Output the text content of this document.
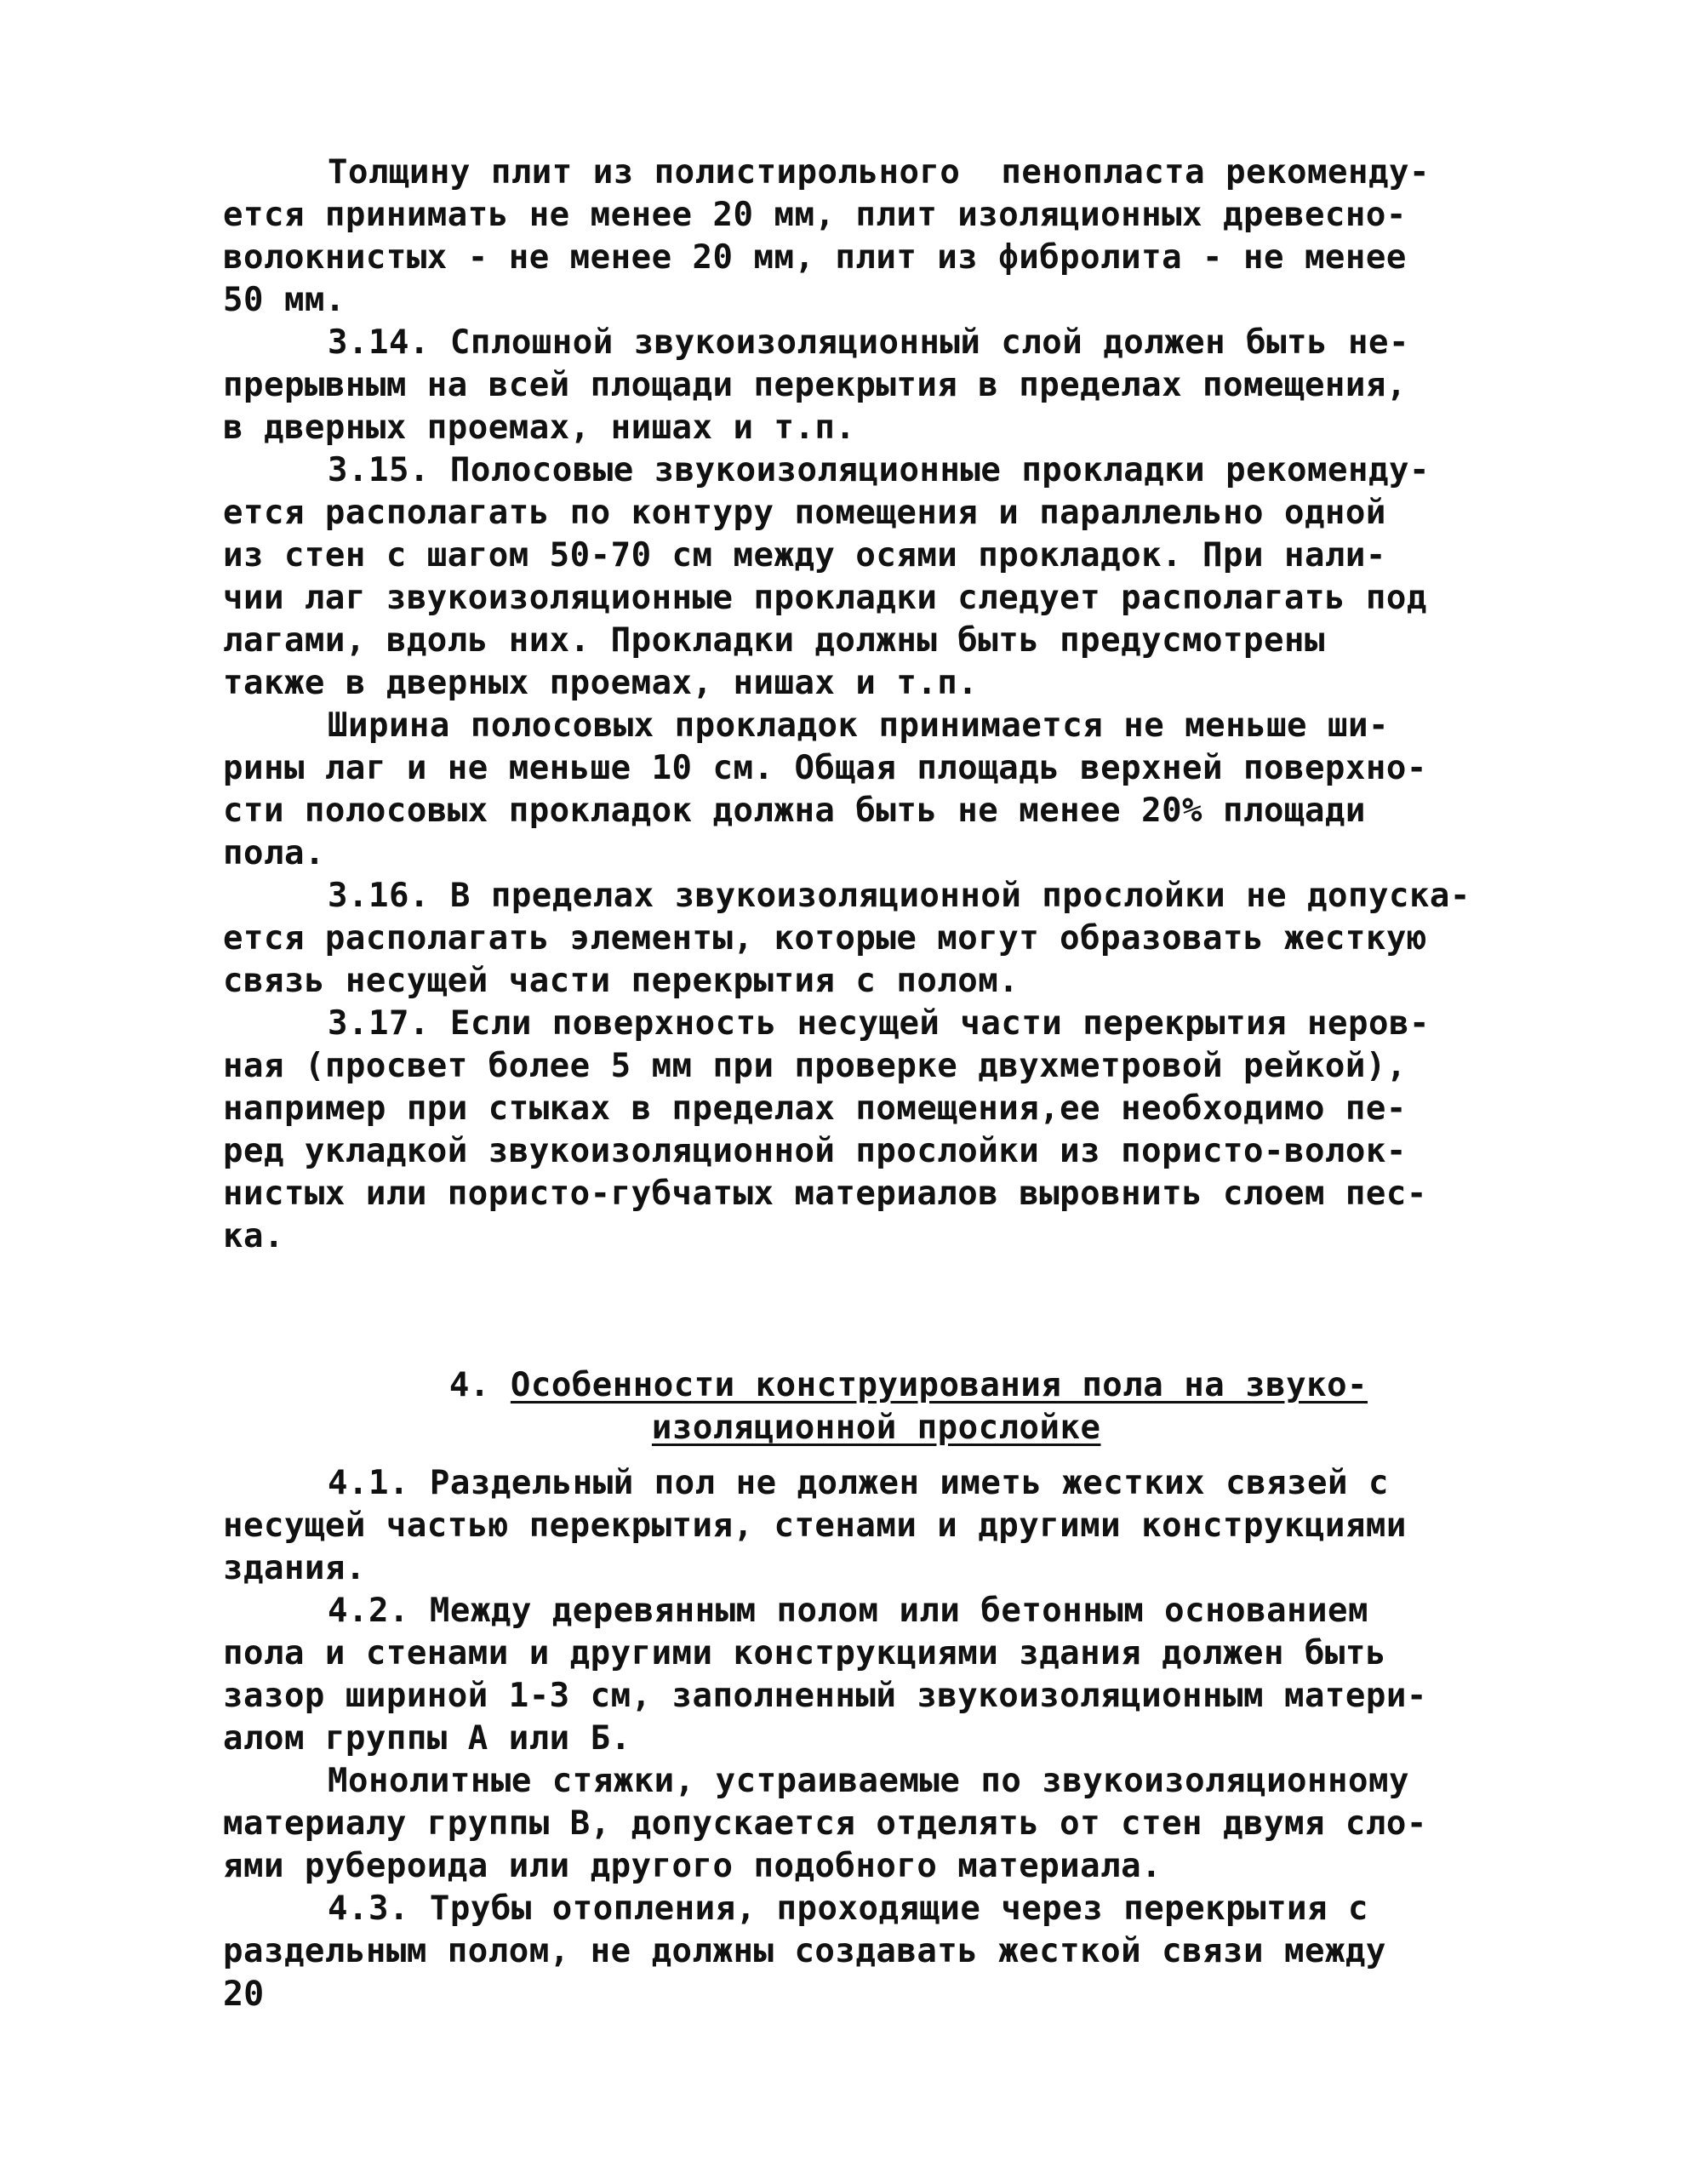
Толщину плит из полистирольного  пенопласта рекоменду-
ется принимать не менее 20 мм, плит изоляционных древесно-
волокнистых - не менее 20 мм, плит из фибролита - не менее
50 мм.
3.14. Сплошной звукоизоляционный слой должен быть не-
прерывным на всей площади перекрытия в пределах помещения,
в дверных проемах, нишах и т.п.
3.15. Полосовые звукоизоляционные прокладки рекоменду-
ется располагать по контуру помещения и параллельно одной
из стен с шагом 50-70 см между осями прокладок. При нали-
чии лаг звукоизоляционные прокладки следует располагать под
лагами, вдоль них. Прокладки должны быть предусмотрены
также в дверных проемах, нишах и т.п.
Ширина полосовых прокладок принимается не меньше ши-
рины лаг и не меньше 10 см. Общая площадь верхней поверхно-
сти полосовых прокладок должна быть не менее 20% площади
пола.
3.16. В пределах звукоизоляционной прослойки не допуска-
ется располагать элементы, которые могут образовать жесткую
связь несущей части перекрытия с полом.
3.17. Если поверхность несущей части перекрытия неров-
ная (просвет более 5 мм при проверке двухметровой рейкой),
например при стыках в пределах помещения,ее необходимо пе-
ред укладкой звукоизоляционной прослойки из пористо-волок-
нистых или пористо-губчатых материалов выровнить слоем пес-
ка.

4. Особенности конструирования пола на звуко-

изоляционной прослойке

4.1. Раздельный пол не должен иметь жестких связей с
несущей частью перекрытия, стенами и другими конструкциями
здания.
4.2. Между деревянным полом или бетонным основанием
пола и стенами и другими конструкциями здания должен быть
зазор шириной 1-3 см, заполненный звукоизоляционным матери-
алом группы А или Б.
Монолитные стяжки, устраиваемые по звукоизоляционному
материалу группы В, допускается отделять от стен двумя сло-
ями рубероида или другого подобного материала.
4.3. Трубы отопления, проходящие через перекрытия с
раздельным полом, не должны создавать жесткой связи между
20
